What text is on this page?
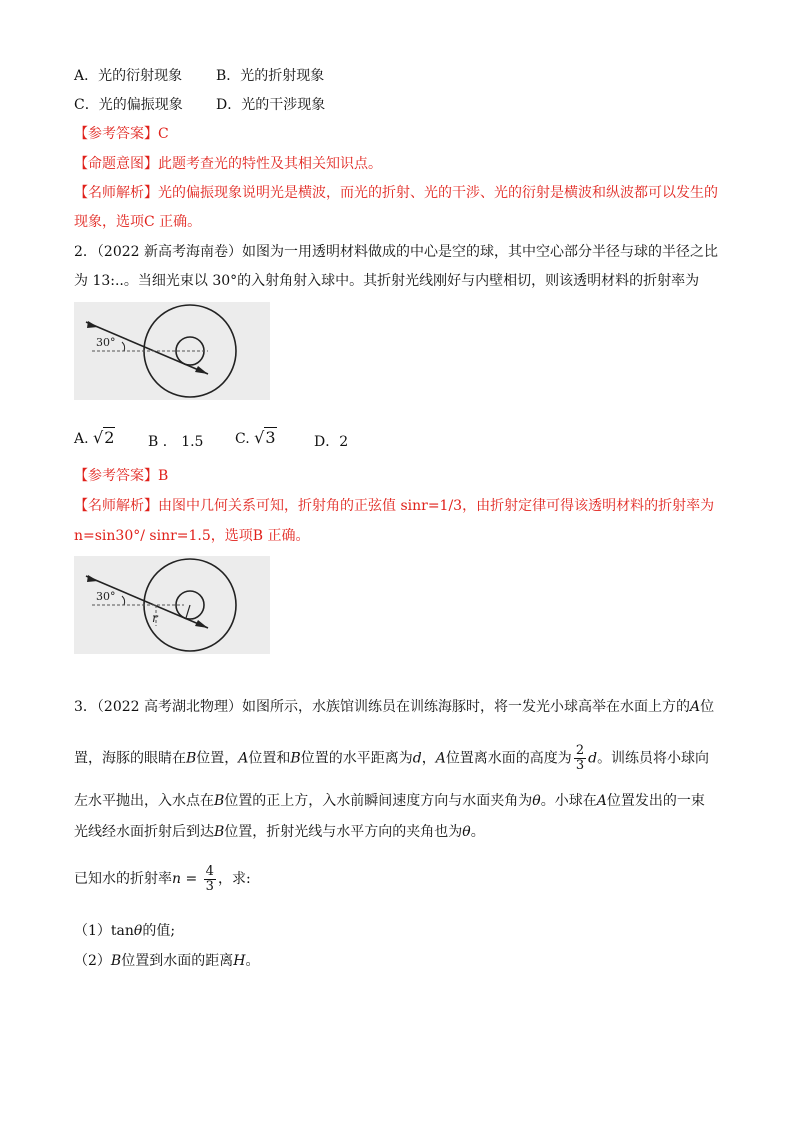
A．光的衍射现象 B．光的折射现象
C．光的偏振现象 D．光的干涉现象
【参考答案】C
【命题意图】此题考查光的特性及其相关知识点。
【名师解析】光的偏振现象说明光是横波，而光的折射、光的干涉、光的衍射是横波和纵波都可以发生的
现象，选项C 正确。
2．（2022 新高考海南卷）如图为一用透明材料做成的中心是空的球，其中空心部分半径与球的半径之比
为 13:..。当细光束以 30°的入射角射入球中。其折射光线刚好与内壁相切，则该透明材料的折射率为
30°
A. √2 B ． 1.5 C. √3	D．2
【参考答案】B
【名师解析】由图中几何关系可知，折射角的正弦值 sinr=1/3，由折射定律可得该透明材料的折射率为
n=sin30°/ sinr=1.5，选项B 正确。
30°
r
3．（2022 高考湖北物理）如图所示，水族馆训练员在训练海豚时，将一发光小球高举在水面上方的A位
置，海豚的眼睛在B位置，A位置和B位置的水平距离为d，A位置离水面的高度为 $\frac{2}{3}$ d。训练员将小球向
左水平抛出，入水点在B位置的正上方，入水前瞬间速度方向与水面夹角为θ。小球在A位置发出的一束
光线经水面折射后到达B位置，折射光线与水平方向的夹角也为θ。
已知水的折射率$n = \frac{4}{3}$ ，求:
（1）tanθ的值;
（2）B位置到水面的距离H。
